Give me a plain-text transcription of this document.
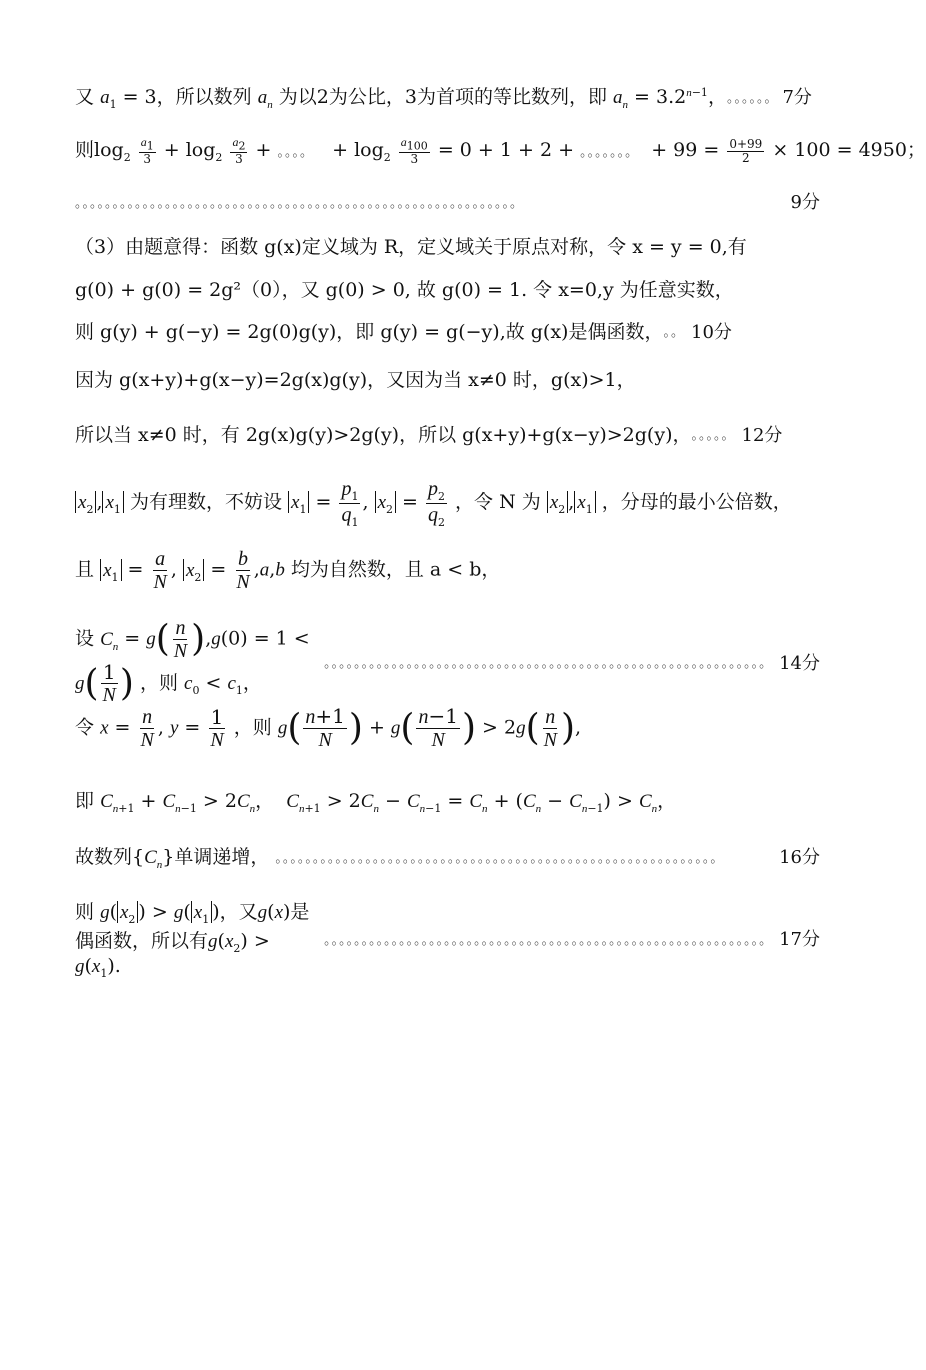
又 $a_1 = 3$，所以数列 $a_n$ 为以2为公比，3为首项的等比数列，即 $a_n = 3.2^{n-1}$， 。。。。。。 7分
则$\log_2 \frac{a_1}{3} + \log_2 \frac{a_2}{3}$ + 。。。。   + $\log_2 \frac{a_{100}}{3} = 0 + 1 + 2$ + 。。。。。。。 + $99 = \frac{0+99}{2} \times 100 = 4950$；
。。。。。。。。。。。。。。。。。。。。。。。。。。。。。。。。。。。。。。。。。。。。。。。。。。。。。。。。。。。	9分
（3）由题意得：函数 g(x)定义域为 R，定义域关于原点对称，令 x = y = 0,有
g(0) + g(0) = 2g²（0），又 g(0) > 0, 故 g(0) = 1. 令 x=0,y 为任意实数，
则 g(y) + g(−y) = 2g(0)g(y)，即 g(y) = g(−y),故 g(x)是偶函数， 。。 10分
因为 g(x+y)+g(x−y)=2g(x)g(y)，又因为当 x≠0 时，g(x)>1，
所以当 x≠0 时，有 2g(x)g(y)>2g(y)，所以 g(x+y)+g(x−y)>2g(y)， 。。。。。 12分
$x_2$ , $x_1$ 为有理数，不妨设 $x_1 = \frac{p_1}{q_1}$ , $x_2 = \frac{p_2}{q_2}$ ，令 N 为 $x_2$ , $x_1$ ，分母的最小公倍数，
且 $x_1 = \frac{a}{N}$ , $x_2 = \frac{b}{N} ,a,b$ 均为自然数，且 a < b，
设 $C_n = g( \frac{n}{N} ),g(0) = 1 < g( \frac{1}{N}$ ) ，则 $c_0 < c_1$，
。。。。。。。。。。。。。。。。。。。。。。。。。。。。。。。。。。。。。。。。。。。。。。。。。。。。。。。。。。。 14分
令 $x = \frac{n}{N}$ , $y = \frac{1}{N}$ ，则 $g( \frac{n+1}{N}$ ) + $g( \frac{n-1}{N}$ ) > $2g( \frac{n}{N}$ ),
即 $C_{n+1} + C_{n-1} > 2C_n$，  $C_{n+1} > 2C_n - C_{n-1} = C_n + (C_n - C_{n-1}) > C_n$，
故数列$\{C_n\}$单调递增， 。。。。。。。。。。。。。。。。。。。。。。。。。。。。。。。。。。。。。。。。。。。。。。。。。。。。。。。。。。。	16分
则 g( $x_2$ ) > g( $x_1$ )，又g(x)是偶函数，所以有$g(x_2) > g(x_1)$.
。。。。。。。。。。。。。。。。。。。。。。。。。。。。。。。。。。。。。。。。。。。。。。。。。。。。。。。。。。。 17分
